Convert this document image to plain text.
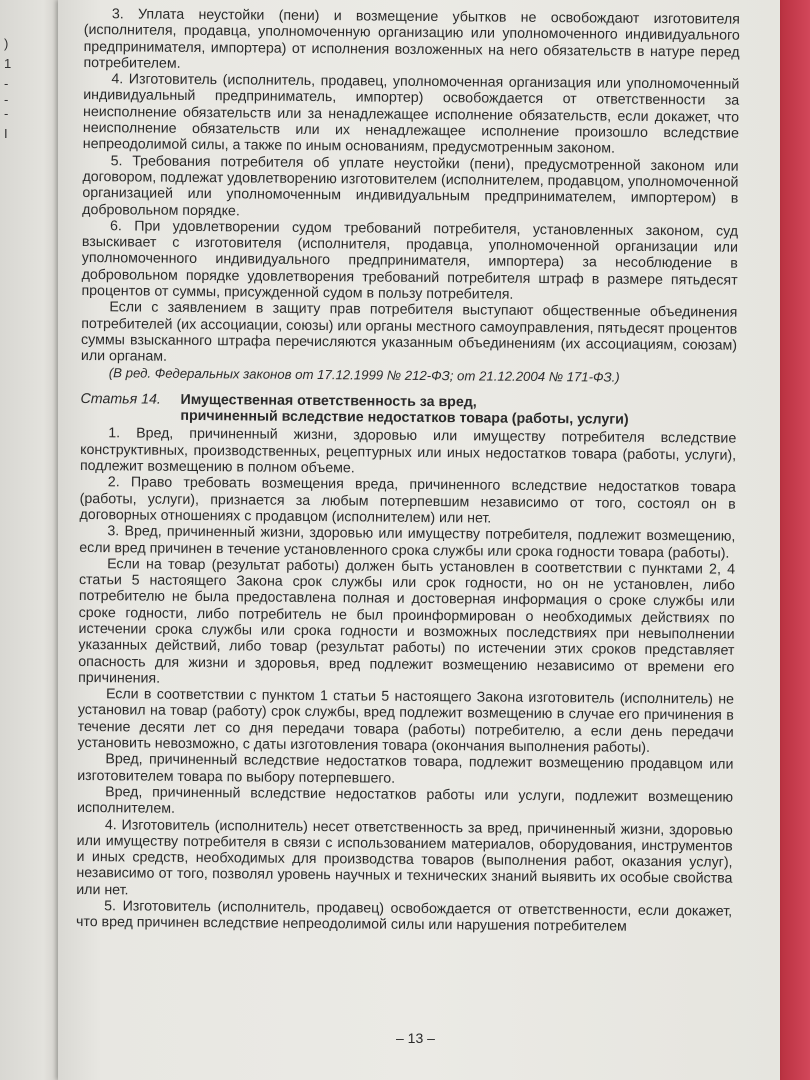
)
1
-
-
-
I

3. Уплата неустойки (пени) и возмещение убытков не освобождают изготовителя (исполнителя, продавца, уполномоченную организацию или уполномоченного индивидуального предпринимателя, импортера) от исполнения возложенных на него обязательств в натуре перед потребителем.

4. Изготовитель (исполнитель, продавец, уполномоченная организация или уполномоченный индивидуальный предприниматель, импортер) освобождается от ответственности за неисполнение обязательств или за ненадлежащее исполнение обязательств, если докажет, что неисполнение обязательств или их ненадлежащее исполнение произошло вследствие непреодолимой силы, а также по иным основаниям, предусмотренным законом.

5. Требования потребителя об уплате неустойки (пени), предусмотренной законом или договором, подлежат удовлетворению изготовителем (исполнителем, продавцом, уполномоченной организацией или уполномоченным индивидуальным предпринимателем, импортером) в добровольном порядке.

6. При удовлетворении судом требований потребителя, установленных законом, суд взыскивает с изготовителя (исполнителя, продавца, уполномоченной организации или уполномоченного индивидуального предпринимателя, импортера) за несоблюдение в добровольном порядке удовлетворения требований потребителя штраф в размере пятьдесят процентов от суммы, присужденной судом в пользу потребителя.

Если с заявлением в защиту прав потребителя выступают общественные объединения потребителей (их ассоциации, союзы) или органы местного самоуправления, пятьдесят процентов суммы взысканного штрафа перечисляются указанным объединениям (их ассоциациям, союзам) или органам.

(В ред. Федеральных законов от 17.12.1999 № 212-ФЗ; от 21.12.2004 № 171-ФЗ.)

Статья 14.	Имущественная ответственность за вред,
причиненный вследствие недостатков товара (работы, услуги)

1. Вред, причиненный жизни, здоровью или имуществу потребителя вследствие конструктивных, производственных, рецептурных или иных недостатков товара (работы, услуги), подлежит возмещению в полном объеме.

2. Право требовать возмещения вреда, причиненного вследствие недостатков товара (работы, услуги), признается за любым потерпевшим независимо от того, состоял он в договорных отношениях с продавцом (исполнителем) или нет.

3. Вред, причиненный жизни, здоровью или имуществу потребителя, подлежит возмещению, если вред причинен в течение установленного срока службы или срока годности товара (работы).

Если на товар (результат работы) должен быть установлен в соответствии с пунктами 2, 4 статьи 5 настоящего Закона срок службы или срок годности, но он не установлен, либо потребителю не была предоставлена полная и достоверная информация о сроке службы или сроке годности, либо потребитель не был проинформирован о необходимых действиях по истечении срока службы или срока годности и возможных последствиях при невыполнении указанных действий, либо товар (результат работы) по истечении этих сроков представляет опасность для жизни и здоровья, вред подлежит возмещению независимо от времени его причинения.

Если в соответствии с пунктом 1 статьи 5 настоящего Закона изготовитель (исполнитель) не установил на товар (работу) срок службы, вред подлежит возмещению в случае его причинения в течение десяти лет со дня передачи товара (работы) потребителю, а если день передачи установить невозможно, с даты изготовления товара (окончания выполнения работы).

Вред, причиненный вследствие недостатков товара, подлежит возмещению продавцом или изготовителем товара по выбору потерпевшего.

Вред, причиненный вследствие недостатков работы или услуги, подлежит возмещению исполнителем.

4. Изготовитель (исполнитель) несет ответственность за вред, причиненный жизни, здоровью или имуществу потребителя в связи с использованием материалов, оборудования, инструментов и иных средств, необходимых для производства товаров (выполнения работ, оказания услуг), независимо от того, позволял уровень научных и технических знаний выявить их особые свойства или нет.

5. Изготовитель (исполнитель, продавец) освобождается от ответственности, если докажет, что вред причинен вследствие непреодолимой силы или нарушения потребителем

– 13 –
